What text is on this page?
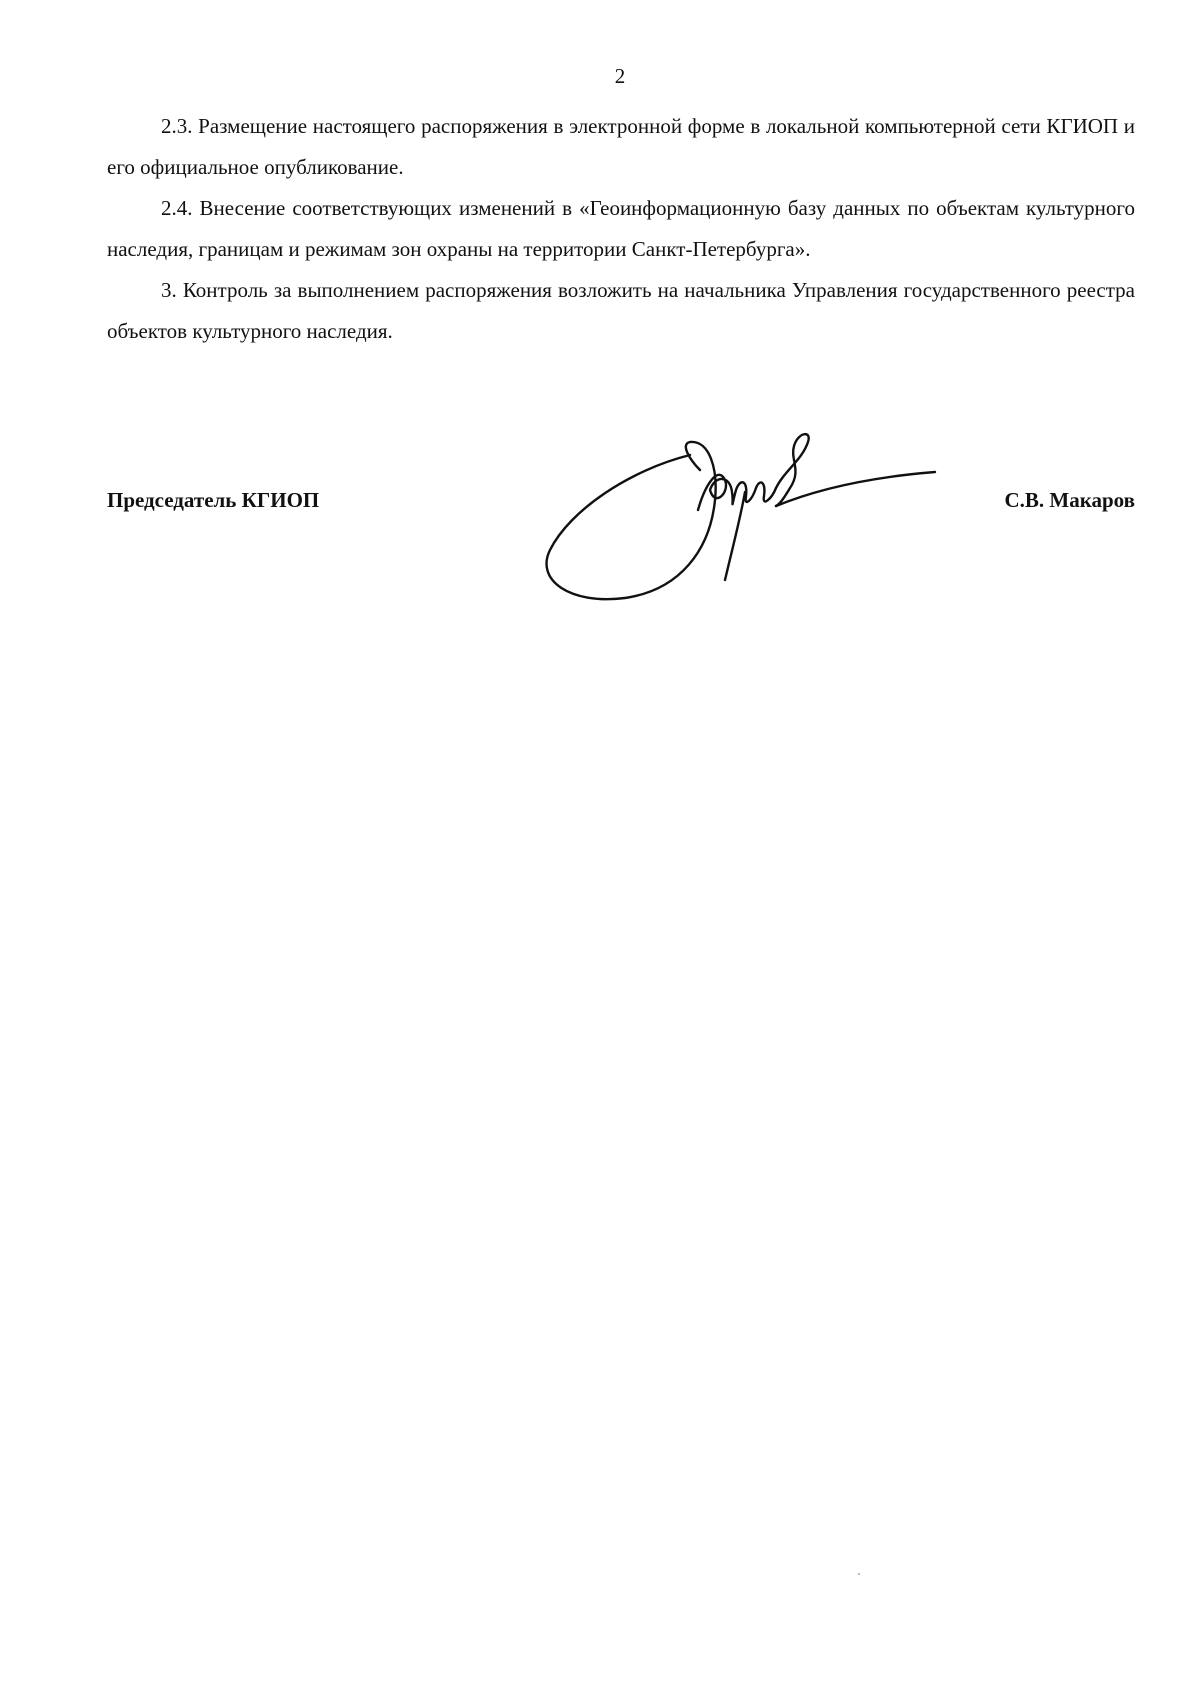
2

2.3. Размещение настоящего распоряжения в электронной форме в локальной компьютерной сети КГИОП и его официальное опубликование.

2.4. Внесение соответствующих изменений в «Геоинформационную базу данных по объектам культурного наследия, границам и режимам зон охраны на территории Санкт-Петербурга».

3. Контроль за выполнением распоряжения возложить на начальника Управления государственного реестра объектов культурного наследия.

Председатель КГИОП	С.В. Макаров
